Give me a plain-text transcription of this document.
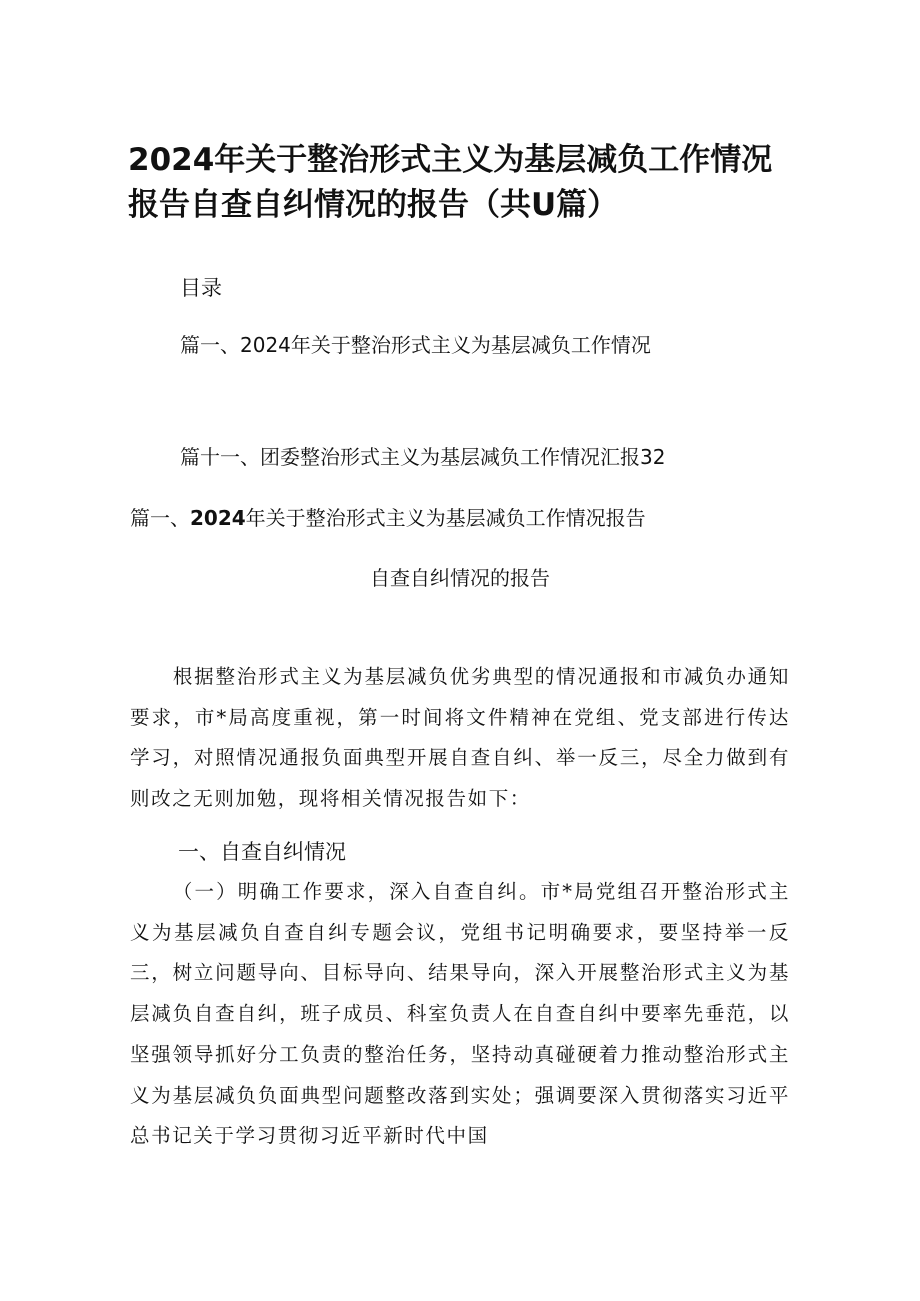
2024年关于整治形式主义为基层减负工作情况
报告自查自纠情况的报告（共U篇）
目录
篇一、2024年关于整治形式主义为基层减负工作情况
篇十一、团委整治形式主义为基层减负工作情况汇报32
篇一、2024年关于整治形式主义为基层减负工作情况报告
自查自纠情况的报告
根据整治形式主义为基层减负优劣典型的情况通报和市减负办通知要求，市*局高度重视，第一时间将文件精神在党组、党支部进行传达学习，对照情况通报负面典型开展自查自纠、举一反三，尽全力做到有则改之无则加勉，现将相关情况报告如下：
一、自查自纠情况
（一）明确工作要求，深入自查自纠。市*局党组召开整治形式主义为基层减负自查自纠专题会议，党组书记明确要求，要坚持举一反三，树立问题导向、目标导向、结果导向，深入开展整治形式主义为基层减负自查自纠，班子成员、科室负责人在自查自纠中要率先垂范，以坚强领导抓好分工负责的整治任务，坚持动真碰硬着力推动整治形式主义为基层减负负面典型问题整改落到实处；强调要深入贯彻落实习近平总书记关于学习贯彻习近平新时代中国
